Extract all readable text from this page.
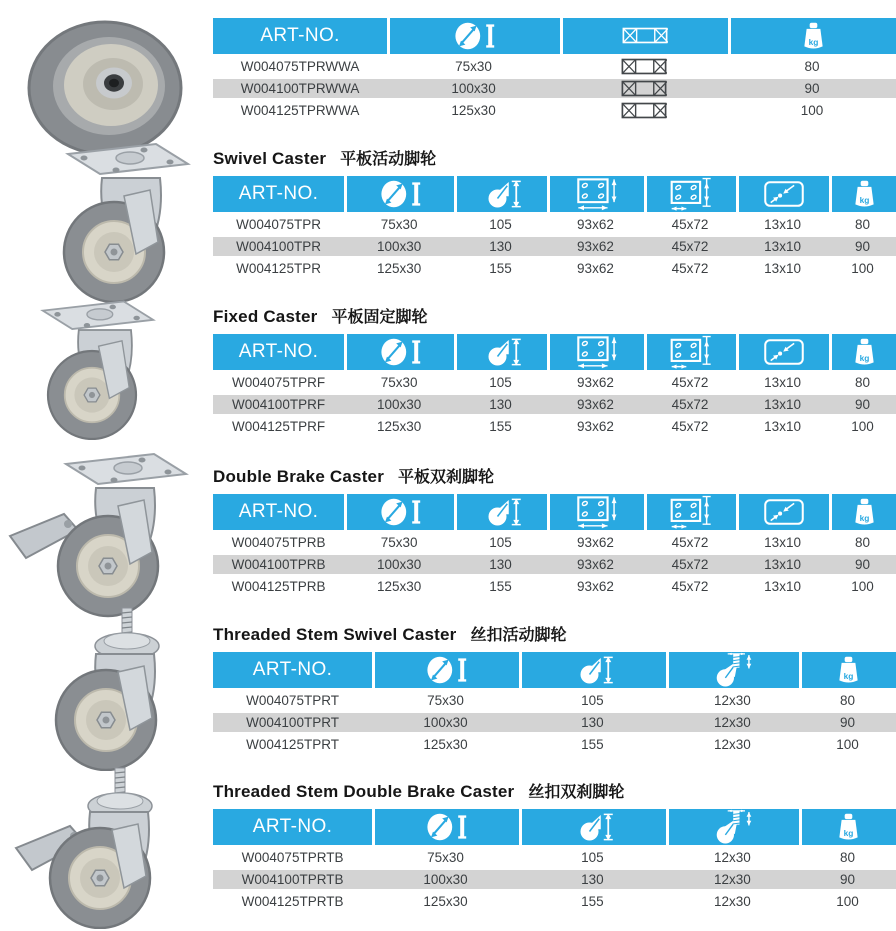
ART-NO.			kg

W004075TPRWWA	75x30		80
W004100TPRWWA	100x30		90
W004125TPRWWA	125x30		100
Swivel Caster 平板活动脚轮
ART-NO.						kg

W004075TPR	75x30	105	93x62	45x72	13x10	80
W004100TPR	100x30	130	93x62	45x72	13x10	90
W004125TPR	125x30	155	93x62	45x72	13x10	100
Fixed Caster 平板固定脚轮
ART-NO.						kg

W004075TPRF	75x30	105	93x62	45x72	13x10	80
W004100TPRF	100x30	130	93x62	45x72	13x10	90
W004125TPRF	125x30	155	93x62	45x72	13x10	100
Double Brake Caster 平板双刹脚轮
ART-NO.						kg

W004075TPRB	75x30	105	93x62	45x72	13x10	80
W004100TPRB	100x30	130	93x62	45x72	13x10	90
W004125TPRB	125x30	155	93x62	45x72	13x10	100
Threaded Stem Swivel Caster 丝扣活动脚轮
ART-NO.				kg

W004075TPRT	75x30	105	12x30	80
W004100TPRT	100x30	130	12x30	90
W004125TPRT	125x30	155	12x30	100
Threaded Stem Double Brake Caster 丝扣双刹脚轮
ART-NO.				kg

W004075TPRTB	75x30	105	12x30	80
W004100TPRTB	100x30	130	12x30	90
W004125TPRTB	125x30	155	12x30	100
